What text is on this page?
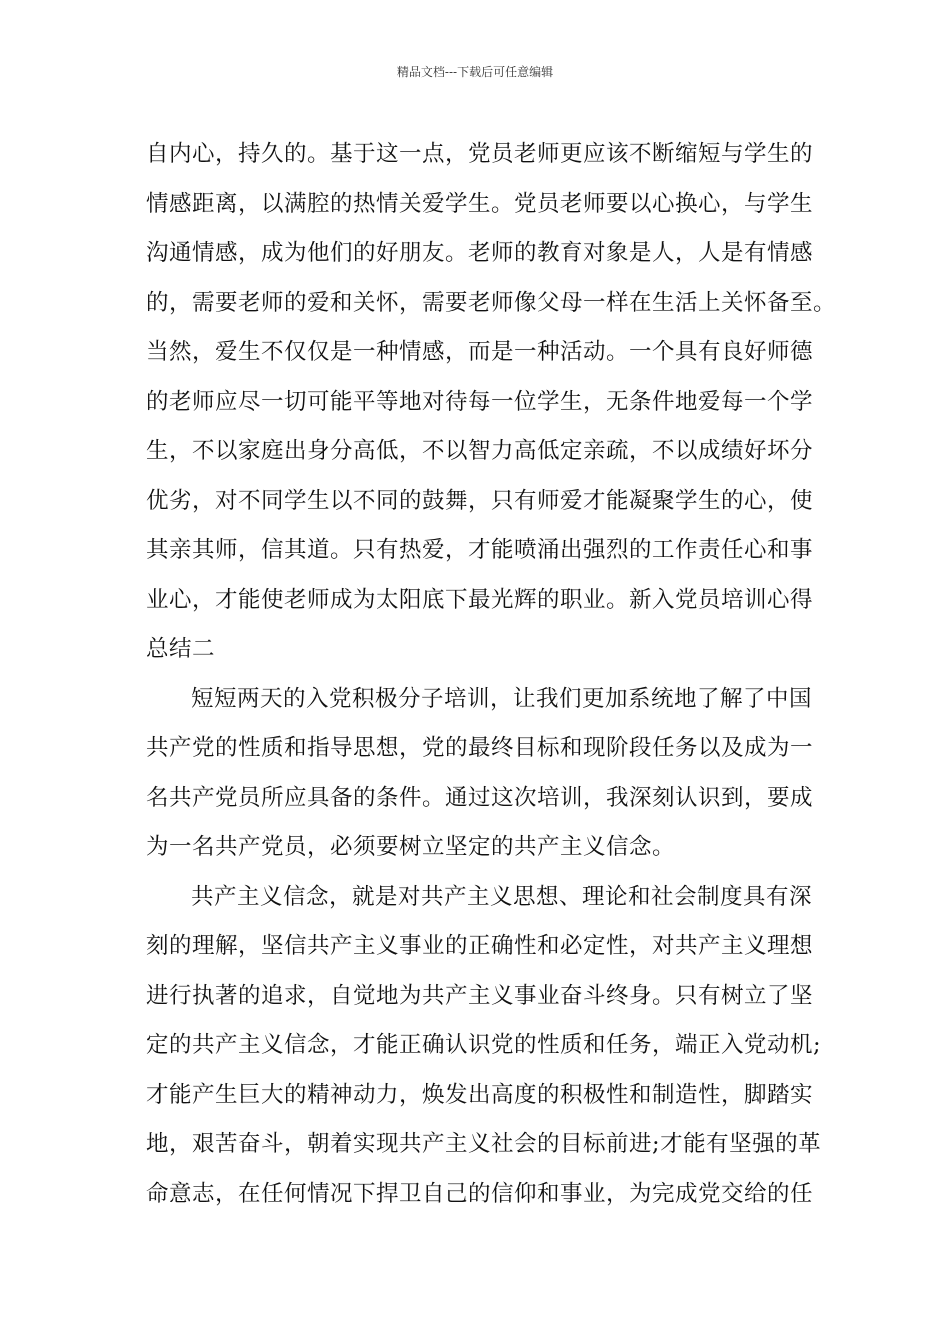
精品文档---下载后可任意编辑
自内心，持久的。基于这一点，党员老师更应该不断缩短与学生的
情感距离，以满腔的热情关爱学生。党员老师要以心换心，与学生
沟通情感，成为他们的好朋友。老师的教育对象是人，人是有情感
的，需要老师的爱和关怀，需要老师像父母一样在生活上关怀备至。
当然，爱生不仅仅是一种情感，而是一种活动。一个具有良好师德
的老师应尽一切可能平等地对待每一位学生，无条件地爱每一个学
生，不以家庭出身分高低，不以智力高低定亲疏，不以成绩好坏分
优劣，对不同学生以不同的鼓舞，只有师爱才能凝聚学生的心，使
其亲其师，信其道。只有热爱，才能喷涌出强烈的工作责任心和事
业心，才能使老师成为太阳底下最光辉的职业。新入党员培训心得
总结二
短短两天的入党积极分子培训，让我们更加系统地了解了中国
共产党的性质和指导思想，党的最终目标和现阶段任务以及成为一
名共产党员所应具备的条件。通过这次培训，我深刻认识到，要成
为一名共产党员，必须要树立坚定的共产主义信念。
共产主义信念，就是对共产主义思想、理论和社会制度具有深
刻的理解，坚信共产主义事业的正确性和必定性，对共产主义理想
进行执著的追求，自觉地为共产主义事业奋斗终身。只有树立了坚
定的共产主义信念，才能正确认识党的性质和任务，端正入党动机;
才能产生巨大的精神动力，焕发出高度的积极性和制造性，脚踏实
地，艰苦奋斗，朝着实现共产主义社会的目标前进;才能有坚强的革
命意志，在任何情况下捍卫自己的信仰和事业，为完成党交给的任
